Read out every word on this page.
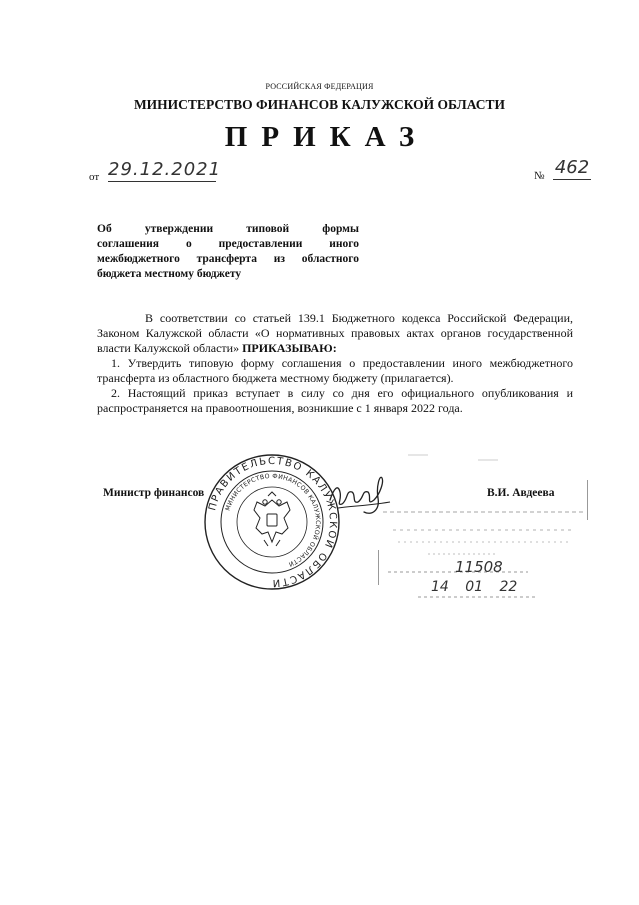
РОССИЙСКАЯ ФЕДЕРАЦИЯ
МИНИСТЕРСТВО ФИНАНСОВ КАЛУЖСКОЙ ОБЛАСТИ
ПРИКАЗ
от 29.12.2021	№ 462
Об утверждении типовой формы
соглашения о предоставлении иного
межбюджетного трансферта из областного
бюджета местному бюджету

В соответствии со статьей 139.1 Бюджетного кодекса Российской Федерации, Законом Калужской области «О нормативных правовых актах органов государственной власти Калужской области» ПРИКАЗЫВАЮ:

1. Утвердить типовую форму соглашения о предоставлении иного межбюджетного трансферта из областного бюджета местному бюджету (прилагается).

2. Настоящий приказ вступает в силу со дня его официального опубликования и распространяется на правоотношения, возникшие с 1 января 2022 года.

Министр финансов	В.И. Авдеева
ПРАВИТЕЛЬСТВО КАЛУЖСКОЙ ОБЛАСТИ
МИНИСТЕРСТВО ФИНАНСОВ КАЛУЖСКОЙ ОБЛАСТИ	11508
14 01 22
